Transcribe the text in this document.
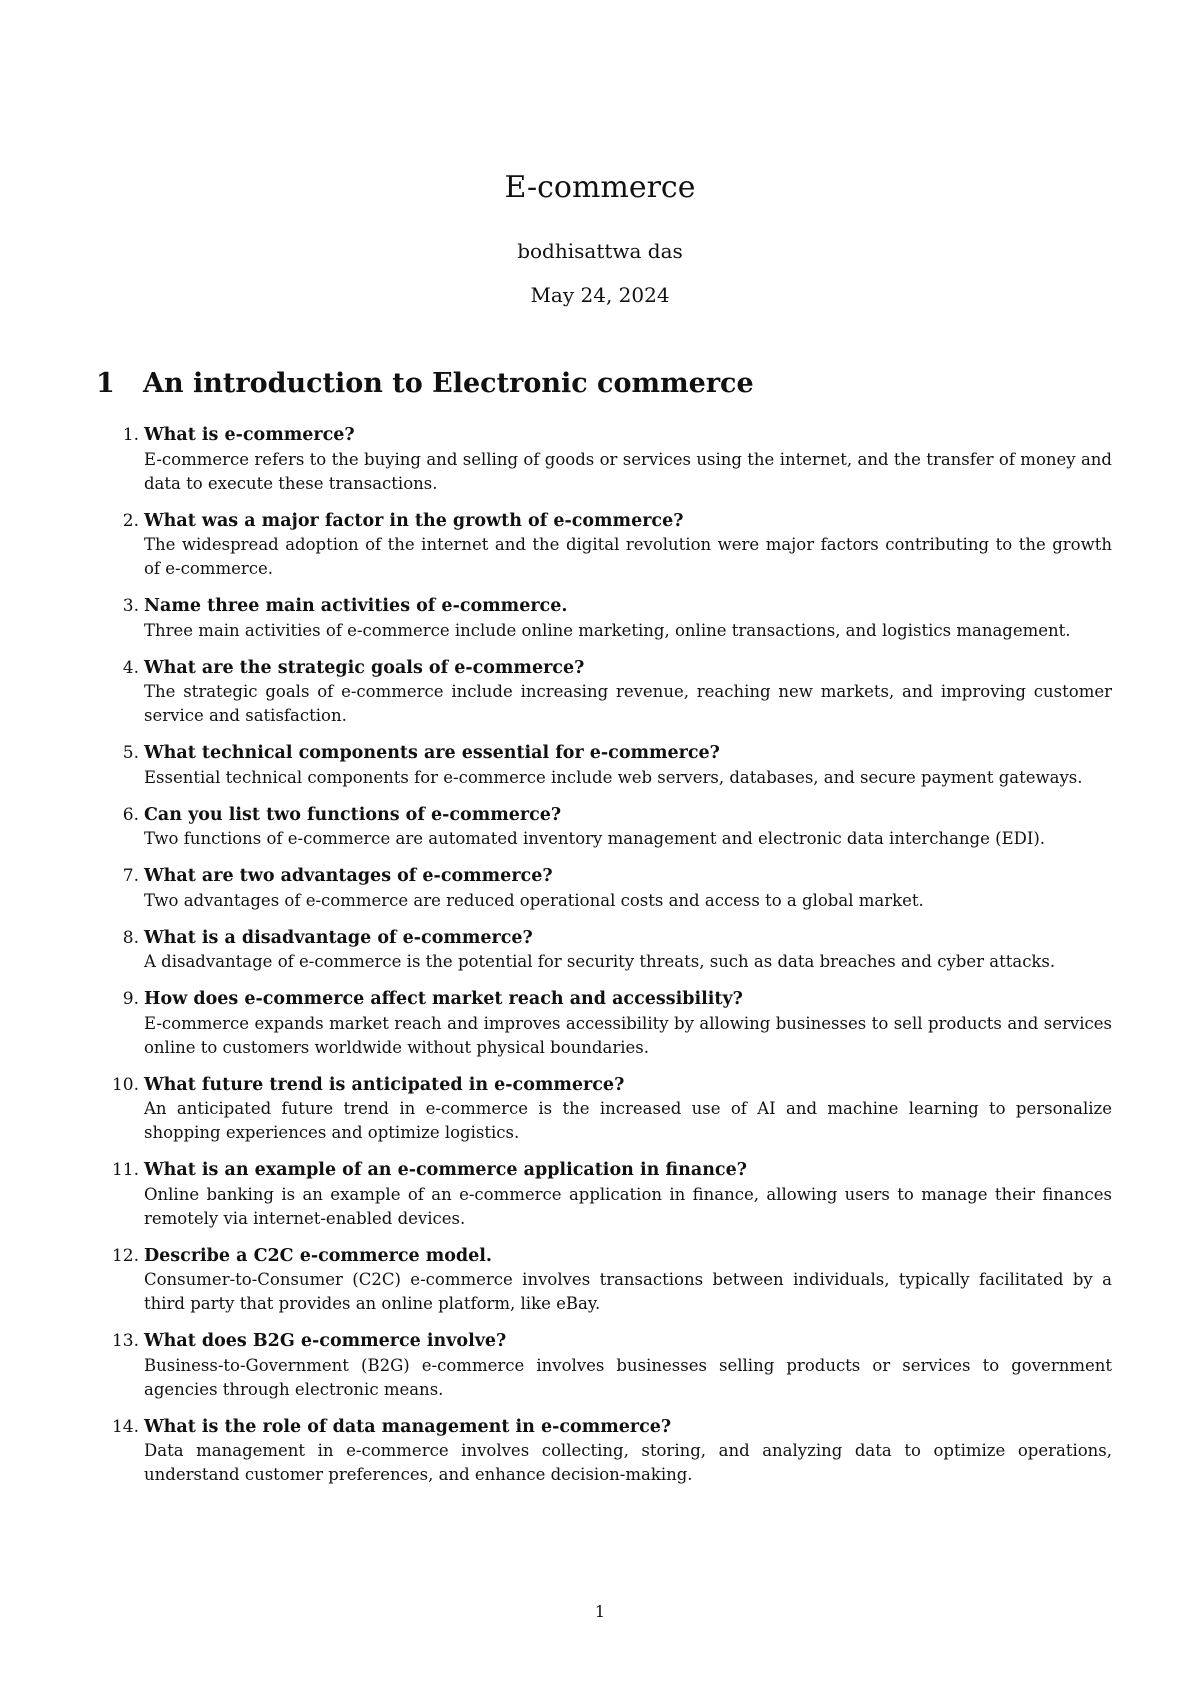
E-commerce
bodhisattwa das
May 24, 2024
1 An introduction to Electronic commerce
1. What is e-commerce?
E-commerce refers to the buying and selling of goods or services using the internet, and the transfer of money and data to execute these transactions.
2. What was a major factor in the growth of e-commerce?
The widespread adoption of the internet and the digital revolution were major factors contributing to the growth of e-commerce.
3. Name three main activities of e-commerce.
Three main activities of e-commerce include online marketing, online transactions, and logistics management.
4. What are the strategic goals of e-commerce?
The strategic goals of e-commerce include increasing revenue, reaching new markets, and improving customer service and satisfaction.
5. What technical components are essential for e-commerce?
Essential technical components for e-commerce include web servers, databases, and secure payment gateways.
6. Can you list two functions of e-commerce?
Two functions of e-commerce are automated inventory management and electronic data interchange (EDI).
7. What are two advantages of e-commerce?
Two advantages of e-commerce are reduced operational costs and access to a global market.
8. What is a disadvantage of e-commerce?
A disadvantage of e-commerce is the potential for security threats, such as data breaches and cyber attacks.
9. How does e-commerce affect market reach and accessibility?
E-commerce expands market reach and improves accessibility by allowing businesses to sell products and services online to customers worldwide without physical boundaries.
10. What future trend is anticipated in e-commerce?
An anticipated future trend in e-commerce is the increased use of AI and machine learning to personalize shopping experiences and optimize logistics.
11. What is an example of an e-commerce application in finance?
Online banking is an example of an e-commerce application in finance, allowing users to manage their finances remotely via internet-enabled devices.
12. Describe a C2C e-commerce model.
Consumer-to-Consumer (C2C) e-commerce involves transactions between individuals, typically facilitated by a third party that provides an online platform, like eBay.
13. What does B2G e-commerce involve?
Business-to-Government (B2G) e-commerce involves businesses selling products or services to government agencies through electronic means.
14. What is the role of data management in e-commerce?
Data management in e-commerce involves collecting, storing, and analyzing data to optimize operations, understand customer preferences, and enhance decision-making.
1
